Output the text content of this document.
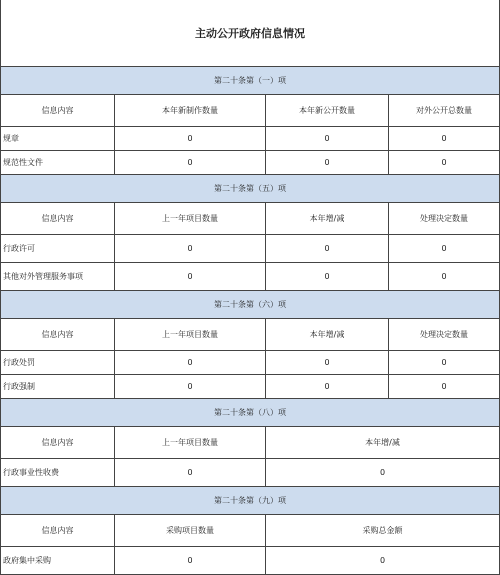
主动公开政府信息情况			
第二十条第（一）项			
信息内容	本年新制作数量	本年新公开数量	对外公开总数量
规章	0	0	0
规范性文件	0	0	0
第二十条第（五）项			
信息内容	上一年项目数量	本年增/减	处理决定数量
行政许可	0	0	0
其他对外管理服务事项	0	0	0
第二十条第（六）项			
信息内容	上一年项目数量	本年增/减	处理决定数量
行政处罚	0	0	0
行政强制	0	0	0
第二十条第（八）项			
信息内容	上一年项目数量	本年增/减	
行政事业性收费	0	0	
第二十条第（九）项			
信息内容	采购项目数量	采购总金额	
政府集中采购	0	0	
